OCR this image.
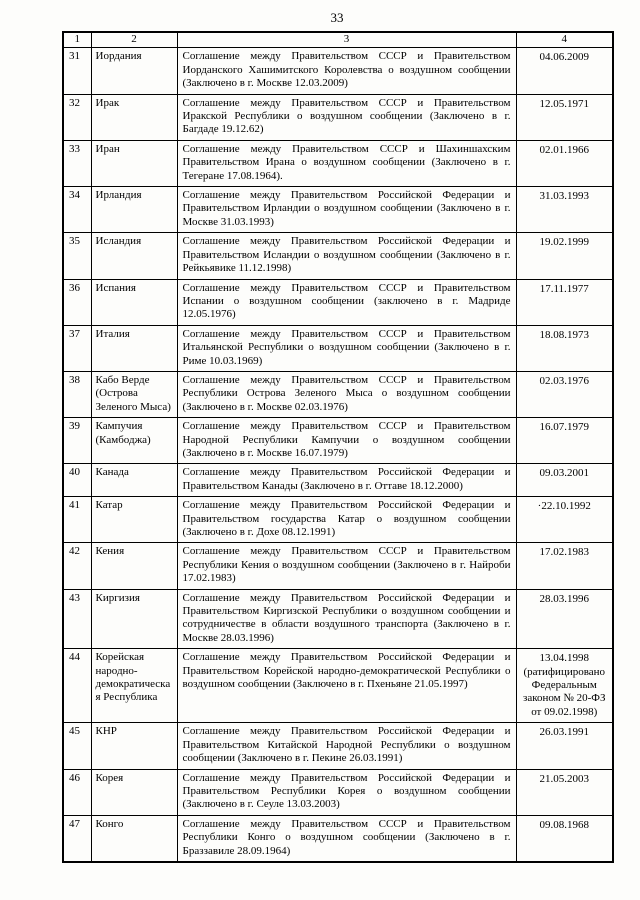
33
1	2	3	4
31	Иордания	Соглашение между Правительством СССР и Правительством Иорданского Хашимитского Королевства о воздушном сообщении (Заключено в г. Москве 12.03.2009)	04.06.2009
32	Ирак	Соглашение между Правительством СССР и Правительством Иракской Республики о воздушном сообщении (Заключено в г. Багдаде 19.12.62)	12.05.1971
33	Иран	Соглашение между Правительством СССР и Шахиншахским Правительством Ирана о воздушном сообщении (Заключено в г. Тегеране 17.08.1964).	02.01.1966
34	Ирландия	Соглашение между Правительством Российской Федерации и Правительством Ирландии о воздушном сообщении (Заключено в г. Москве 31.03.1993)	31.03.1993
35	Исландия	Соглашение между Правительством Российской Федерации и Правительством Исландии о воздушном сообщении (Заключено в г. Рейкьявике 11.12.1998)	19.02.1999
36	Испания	Соглашение между Правительством СССР и Правительством Испании о воздушном сообщении (заключено в г. Мадриде 12.05.1976)	17.11.1977
37	Италия	Соглашение между Правительством СССР и Правительством Итальянской Республики о воздушном сообщении (Заключено в г. Риме 10.03.1969)	18.08.1973
38	Кабо Верде (Острова Зеленого Мыса)	Соглашение между Правительством СССР и Правительством Республики Острова Зеленого Мыса о воздушном сообщении (Заключено в г. Москве 02.03.1976)	02.03.1976
39	Кампучия (Камбоджа)	Соглашение между Правительством СССР и Правительством Народной Республики Кампучии о воздушном сообщении (Заключено в г. Москве 16.07.1979)	16.07.1979
40	Канада	Соглашение между Правительством Российской Федерации и Правительством Канады (Заключено в г. Оттаве 18.12.2000)	09.03.2001
41	Катар	Соглашение между Правительством Российской Федерации и Правительством государства Катар о воздушном сообщении (Заключено в г. Дохе 08.12.1991)	·22.10.1992
42	Кения	Соглашение между Правительством СССР и Правительством Республики Кения о воздушном сообщении (Заключено в г. Найроби 17.02.1983)	17.02.1983
43	Киргизия	Соглашение между Правительством Российской Федерации и Правительством Киргизской Республики о воздушном сообщении и сотрудничестве в области воздушного транспорта (Заключено в г. Москве 28.03.1996)	28.03.1996
44	Корейская народно-демократическая Республика	Соглашение между Правительством Российской Федерации и Правительством Корейской народно-демократической Республики о воздушном сообщении (Заключено в г. Пхеньяне 21.05.1997)	13.04.1998 (ратифицировано Федеральным законом № 20-ФЗ от 09.02.1998)
45	КНР	Соглашение между Правительством Российской Федерации и Правительством Китайской Народной Республики о воздушном сообщении (Заключено в г. Пекине 26.03.1991)	26.03.1991
46	Корея	Соглашение между Правительством Российской Федерации и Правительством Республики Корея о воздушном сообщении (Заключено в г. Сеуле 13.03.2003)	21.05.2003
47	Конго	Соглашение между Правительством СССР и Правительством Республики Конго о воздушном сообщении (Заключено в г. Браззавиле 28.09.1964)	09.08.1968
